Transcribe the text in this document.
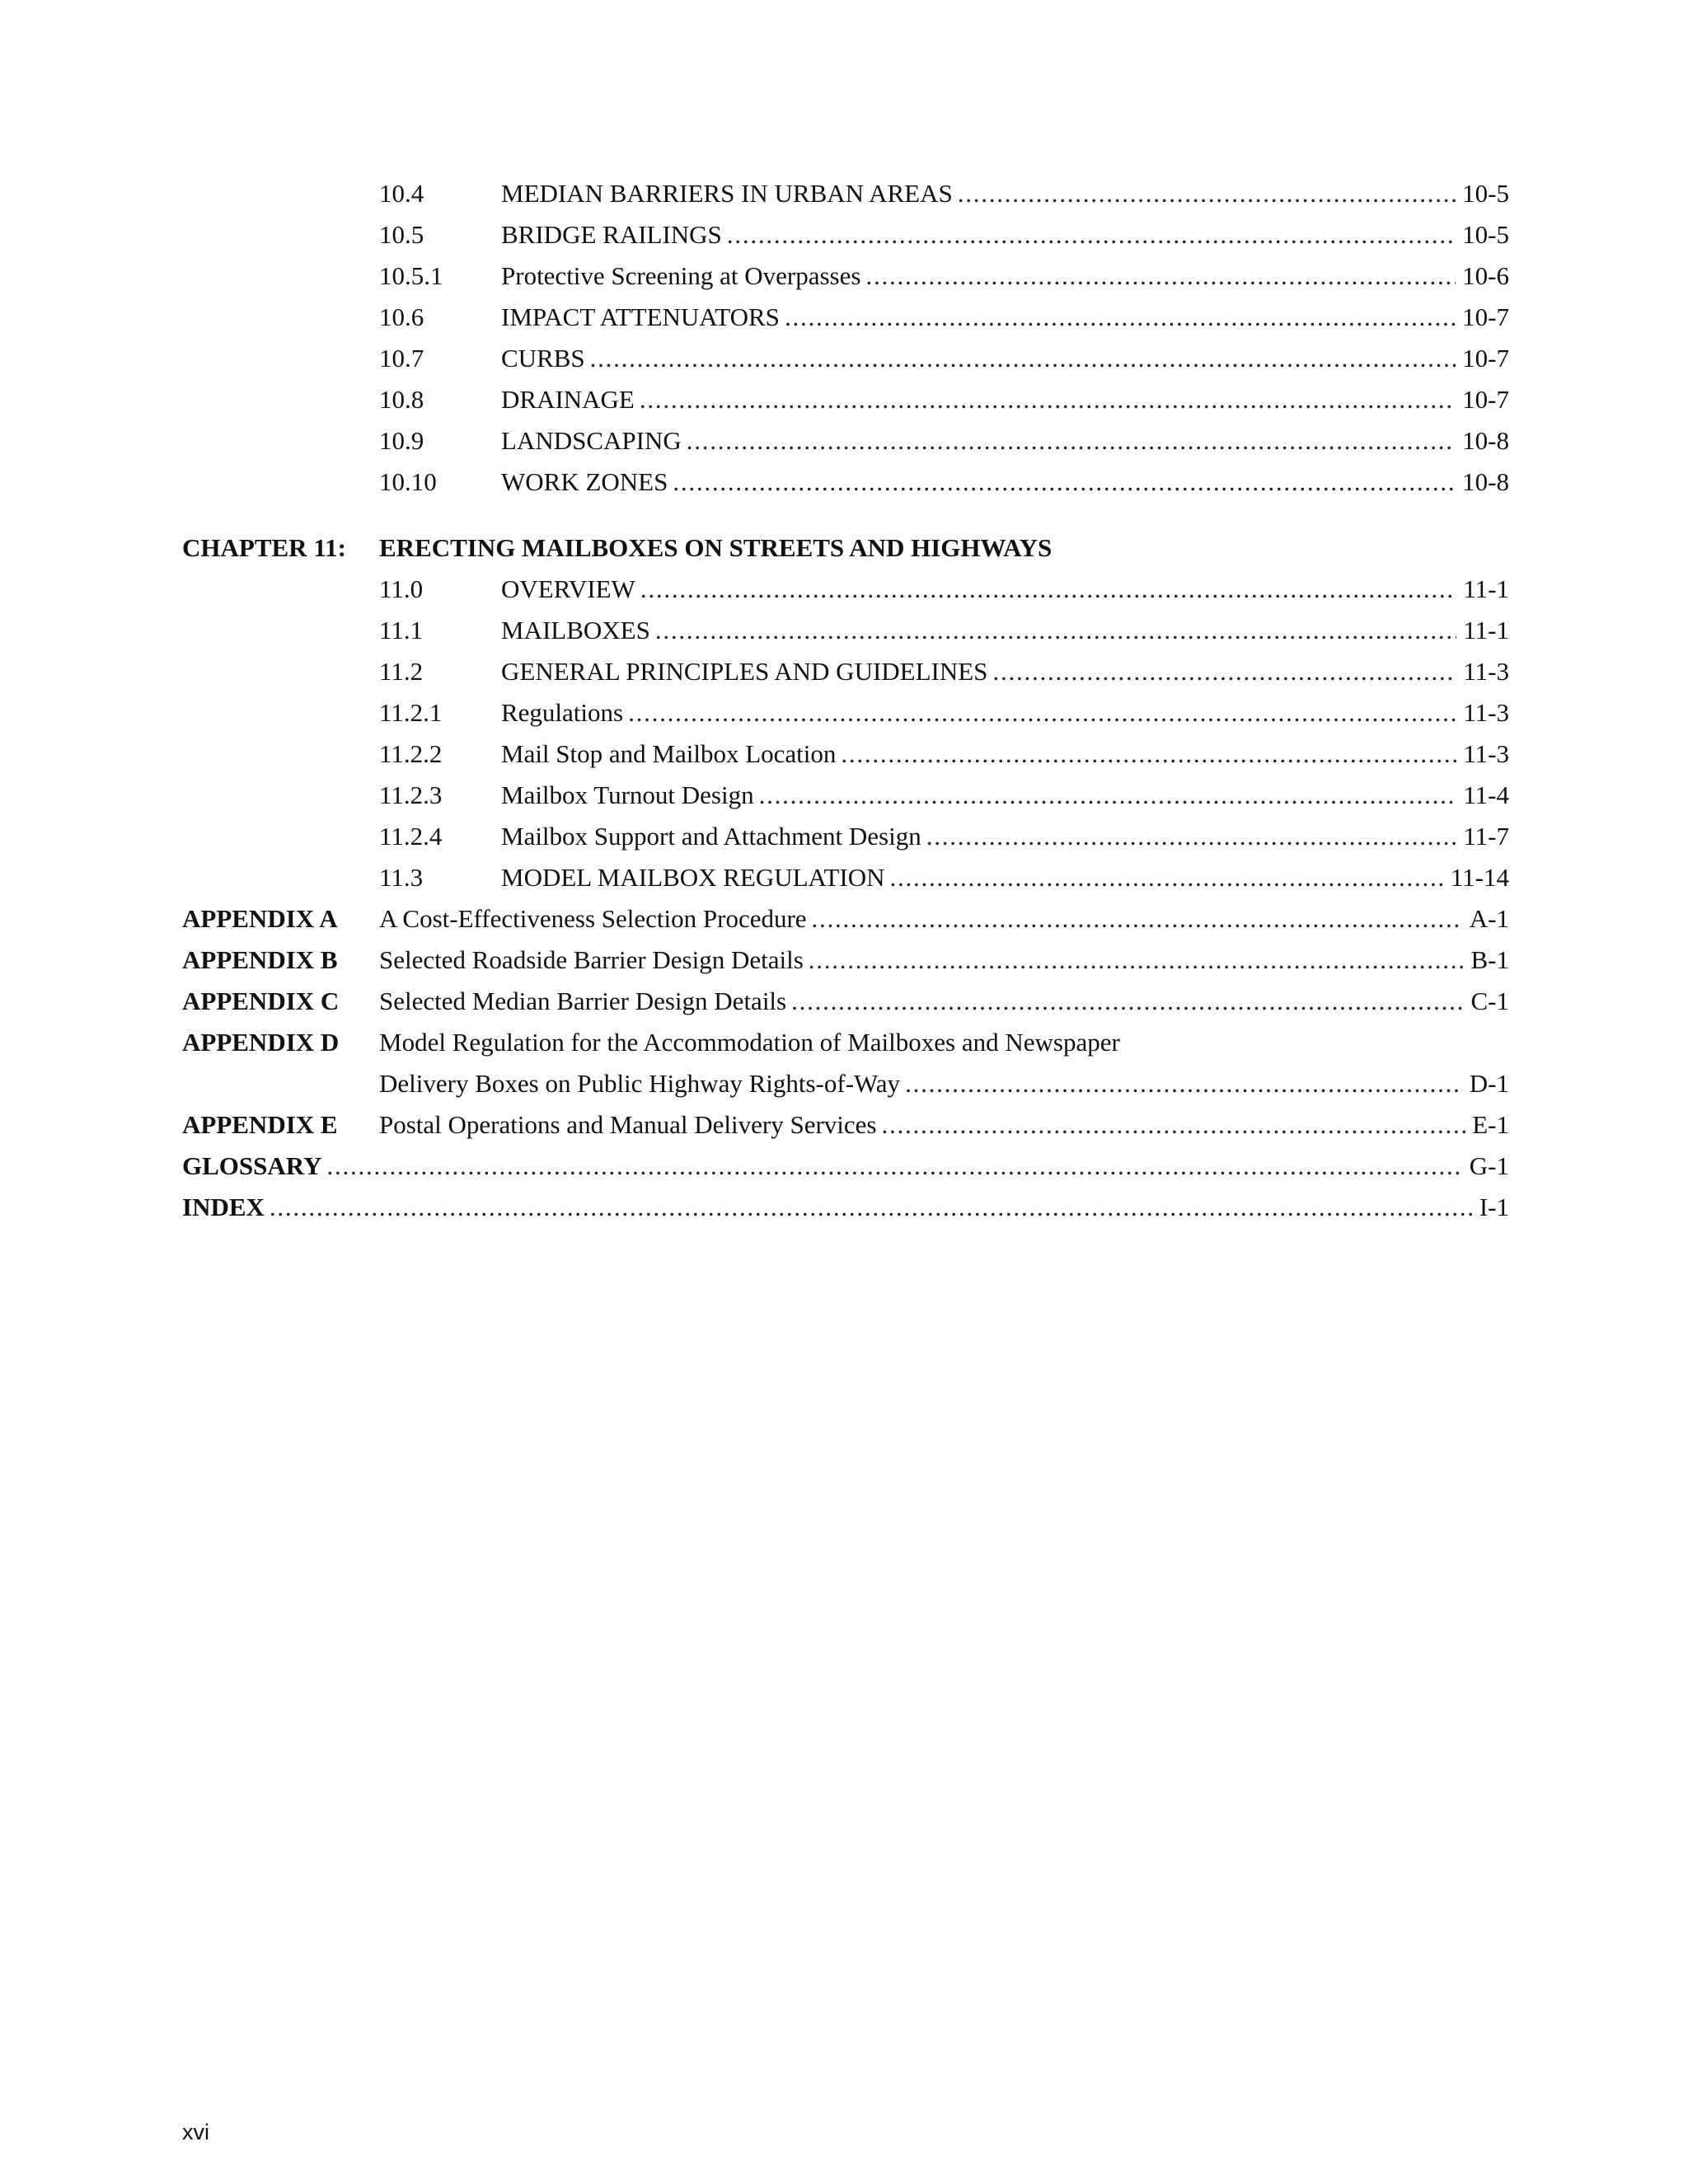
10.4	MEDIAN BARRIERS IN URBAN AREAS . . .	10-5
10.5	BRIDGE RAILINGS . . .	10-5
10.5.1 Protective Screening at Overpasses . . .	10-6
10.6	IMPACT ATTENUATORS . . .	10-7
10.7	CURBS . . .	10-7
10.8	DRAINAGE . . .	10-7
10.9	LANDSCAPING . . .	10-8
10.10	WORK ZONES . . .	10-8
CHAPTER 11: ERECTING MAILBOXES ON STREETS AND HIGHWAYS
11.0	OVERVIEW . . .	11-1
11.1	MAILBOXES . . .	11-1
11.2	GENERAL PRINCIPLES AND GUIDELINES . . .	11-3
11.2.1 Regulations . . .	11-3
11.2.2 Mail Stop and Mailbox Location . . .	11-3
11.2.3 Mailbox Turnout Design . . .	11-4
11.2.4 Mailbox Support and Attachment Design . . .	11-7
11.3	MODEL MAILBOX REGULATION . . .	11-14
APPENDIX A A Cost-Effectiveness Selection Procedure . . .	A-1
APPENDIX B Selected Roadside Barrier Design Details . . .	B-1
APPENDIX C Selected Median Barrier Design Details . . .	C-1
APPENDIX D Model Regulation for the Accommodation of Mailboxes and Newspaper
Delivery Boxes on Public Highway Rights-of-Way . . .	D-1
APPENDIX E Postal Operations and Manual Delivery Services . . .	E-1
GLOSSARY . . .	G-1
INDEX . . .	I-1
xvi
